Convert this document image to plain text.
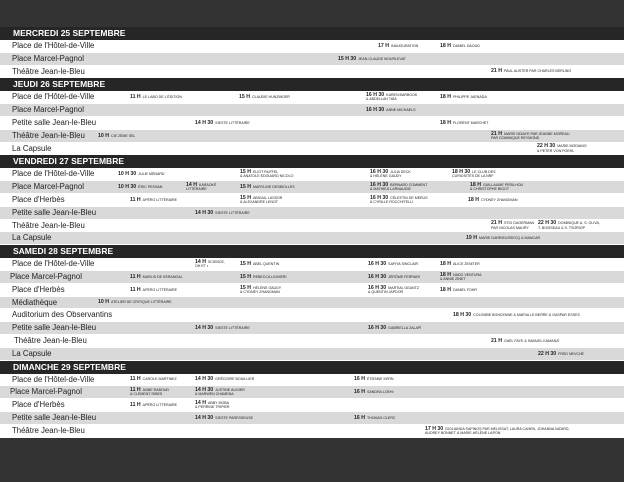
MERCREDI 25 SEPTEMBRE
Place de l'Hôtel-de-Ville	17 H INAUGURATION	18 H DANIEL DAOUD
Place Marcel-Pagnol	15 H 30 JEAN-CLAUDE MOURLEVAT
Théâtre Jean-le-Bleu	21 H PAUL AUSTER PAR CHARLES BERLING
JEUDI 26 SEPTEMBRE
Place de l'Hôtel-de-Ville	11 H LE LABO DE L'ÉDITION	15 H CLAUDIE HUNZINGER	16 H 30 KAREN BARBOOK
& ABDELLAH TAÏA	18 H PHILIPPE JAENADA
Place Marcel-Pagnol	16 H 30 ANNE MICHAELS
Petite salle Jean-le-Bleu	14 H 30 SIESTE LITTÉRAIRE	18 H FLORENT MARCHET
Théâtre Jean-le-Bleu	10 H CIE 2ÈME ŒIL	21 H MARIE NDIAYE PAR JEANNE MOREAU
PAR DOMINIQUE REYMOND
La Capsule	22 H 30 MARIE MODIANO
& PETER VON POEHL
VENDREDI 27 SEPTEMBRE
Place de l'Hôtel-de-Ville	10 H 30 JULIE MÉNARD	15 H ELIOT RUFFEL
& ANATOLE EDOUARD NICOLO
16 H 30 JULIA DECK
& HÉLÈNE GAUDY
18 H 30 LE CLUB DES
CURIOSITÉS DE LA NRF
Place Marcel-Pagnol	10 H 30 ÉRIC PESSAN	14 H KARAOKÉ
LITTÉRAIRE	15 H MARYLINE DESBIOLLES	16 H 30 BERNARD COMMENT
& MATHIEU LARNAUDIE
18 H GUILLAUME PERILHOU
& CHRISTOPHE BIGOT
Place d'Herbès	11 H APÉRO LITTÉRAIRE	15 H ABIGAIL LASSOR
& ALEXANDRE LENOT
16 H 30 CÉLESTIN DE MEËUS
& CYRILLE ROCCHITELLI	18 H CYDNEY ZHANGMAN
Petite salle Jean-le-Bleu	14 H 30 SIESTE LITTÉRAIRE
Théâtre Jean-le-Bleu	21 H STIG DAGERMAN
PAR NICOLAS MAURY
22 H 30 DOMINIQUE A, S. OLIVA,
T. BOISSEAU & S. TSORIOP
La Capsule	19 H MARIE DARRIEUSSECQ & MANCAR
SAMEDI 28 SEPTEMBRE
Place de l'Hôtel-de-Ville	14 H SCIENCE,
OH ET •	15 H ABEL QUENTIN	16 H 30 SAFIYA SINCLAIR	18 H ALICE ZENITER
Place Marcel-Pagnol	11 H MARLIS DE KERANGAL	15 H REBECCA LIGHIERI	16 H 30 JÉRÔME FERRARI	18 H NADO VENTURA
& ANNIE ZINET
Place d'Herbès	11 H APÉRO LITTÉRAIRE	15 H HÉLÈNE GAUDY
& CYDNEY ZHANGMAN
16 H 30 MARTIAL GEANTZ
& QUENTIN JAPDOR	18 H DANIEL FOHR
Médiathèque	10 H ATELIER DE CRITIQUE LITTÉRAIRE
Auditorium des Observantins	18 H 30 COLOMBE BONCENNE & MAËVA LE BERRE & GASPAR ESSES
Petite salle Jean-le-Bleu	14 H 30 SIESTE LITTÉRAIRE	16 H 30 GABRIELLA ZALAPÌ
Théâtre Jean-le-Bleu	21 H GAËL FAYE & SAMUEL KAMANZI
La Capsule	22 H 30 FRED NEVCHÉ
DIMANCHE 29 SEPTEMBRE
Place de l'Hôtel-de-Ville	11 H CAROLE MARTINEZ	14 H 30 GRÉGOIRE BOUILLIER	16 H ÉTIENNE KERN
Place Marcel-Pagnol	11 H ANNE RABOUD
& CLÉMENT RIBES
14 H 30 JUSTINE AUGIER
& MARWEN CHAMENA	16 H SANDRA LOEHI
Place d'Herbès	11 H APÉRO LITTÉRAIRE	14 H ABBY MOBA
& PERRINE TRIPIER
Petite salle Jean-le-Bleu	14 H 30 SIESTE PARESSEUSE	16 H THOMAS CLERC
Théâtre Jean-le-Bleu	17 H 30 GIOLIANDA SAPINOS PAR MELISSAT, LAURA CAHEN, JOHANNA NIZARD,
AUDREY BONNET & MARIE-HÉLÈNE LAPON
